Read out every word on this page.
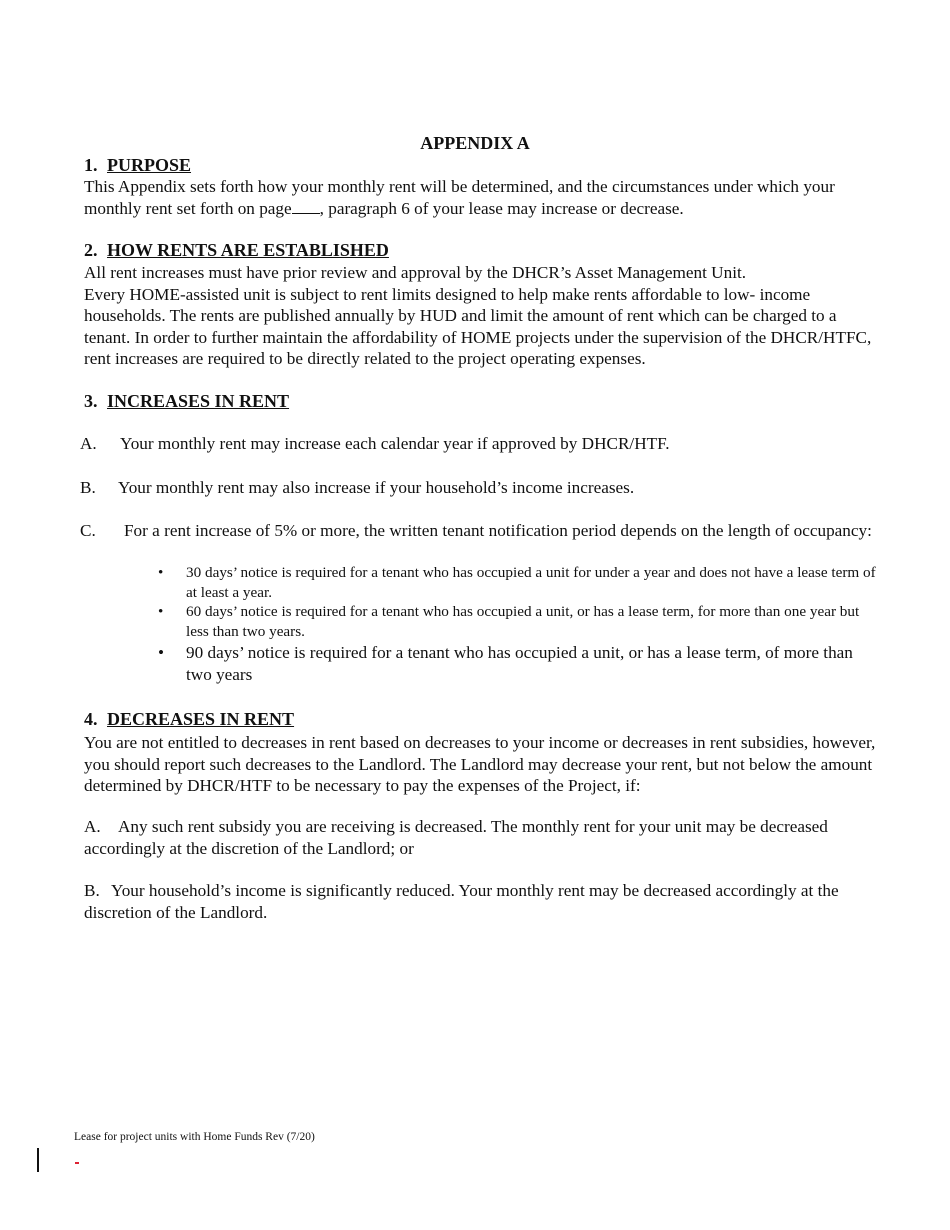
APPENDIX A
1. PURPOSE
This Appendix sets forth how your monthly rent will be determined, and the circumstances under which your monthly rent set forth on page , paragraph 6 of your lease may increase or decrease.
2. HOW RENTS ARE ESTABLISHED

All rent increases must have prior review and approval by the DHCR’s Asset Management Unit.

Every HOME-assisted unit is subject to rent limits designed to help make rents affordable to low- income households. The rents are published annually by HUD and limit the amount of rent which can be charged to a tenant. In order to further maintain the affordability of HOME projects under the supervision of the DHCR/HTFC, rent increases are required to be directly related to the project operating expenses.

3. INCREASES IN RENT
A. Your monthly rent may increase each calendar year if approved by DHCR/HTF.
B. Your monthly rent may also increase if your household’s income increases.
C. For a rent increase of 5% or more, the written tenant notification period depends on the length of occupancy:
• 30 days’ notice is required for a tenant who has occupied a unit for under a year and does not have a lease term of at least a year.
• 60 days’ notice is required for a tenant who has occupied a unit, or has a lease term, for more than one year but less than two years.
• 90 days’ notice is required for a tenant who has occupied a unit, or has a lease term, of more than two years
4. DECREASES IN RENT

You are not entitled to decreases in rent based on decreases to your income or decreases in rent subsidies, however, you should report such decreases to the Landlord. The Landlord may decrease your rent, but not below the amount determined by DHCR/HTF to be necessary to pay the expenses of the Project, if:

A. Any such rent subsidy you are receiving is decreased. The monthly rent for your unit may be decreased accordingly at the discretion of the Landlord; or
B. Your household’s income is significantly reduced. Your monthly rent may be decreased accordingly at the discretion of the Landlord.
Lease for project units with Home Funds Rev (7/20)
